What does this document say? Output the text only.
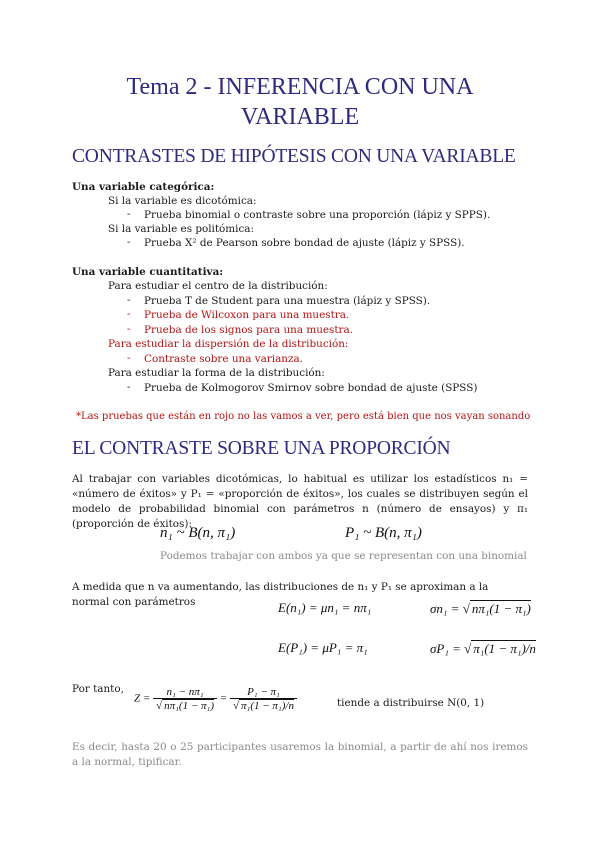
Tema 2 - INFERENCIA CON UNA
VARIABLE
CONTRASTES DE HIPÓTESIS CON UNA VARIABLE
Una variable categórica:
Si la variable es dicotómica:
- Prueba binomial o contraste sobre una proporción (lápiz y SPPS).
Si la variable es politómica:
- Prueba X² de Pearson sobre bondad de ajuste (lápiz y SPSS).
Una variable cuantitativa:
Para estudiar el centro de la distribución:
- Prueba T de Student para una muestra (lápiz y SPSS).
- Prueba de Wilcoxon para una muestra.
- Prueba de los signos para una muestra.
Para estudiar la dispersión de la distribución:
- Contraste sobre una varianza.
Para estudiar la forma de la distribución:
- Prueba de Kolmogorov Smirnov sobre bondad de ajuste (SPSS)
*Las pruebas que están en rojo no las vamos a ver, pero está bien que nos vayan sonando
EL CONTRASTE SOBRE UNA PROPORCIÓN
Al trabajar con variables dicotómicas, lo habitual es utilizar los estadísticos n₁ = «número de éxitos» y P₁ = «proporción de éxitos», los cuales se distribuyen según el modelo de probabilidad binomial con parámetros n (número de ensayos) y π₁ (proporción de éxitos):
n₁ ~ B(n, π₁)	P₁ ~ B(n, π₁)
Podemos trabajar con ambos ya que se representan con una binomial
A medida que n va aumentando, las distribuciones de n₁ y P₁ se aproximan a la normal con parámetros	E(n₁) = μn₁ = nπ₁	σn₁ = √ nπ₁(1 − π₁)
E(P₁) = μP₁ = π₁	σP₁ = √ π₁(1 − π₁)/n
Por tanto,
$Z = \frac{\text{n₁ − nπ₁}}{\text{√ nπ₁(1 − π₁)}} = \frac{\text{P₁ − π₁}}{\text{√ π₁(1 − π₁)/n}}$	tiende a distribuirse N(0, 1)
Es decir, hasta 20 o 25 participantes usaremos la binomial, a partir de ahí nos iremos a la normal, tipificar.
